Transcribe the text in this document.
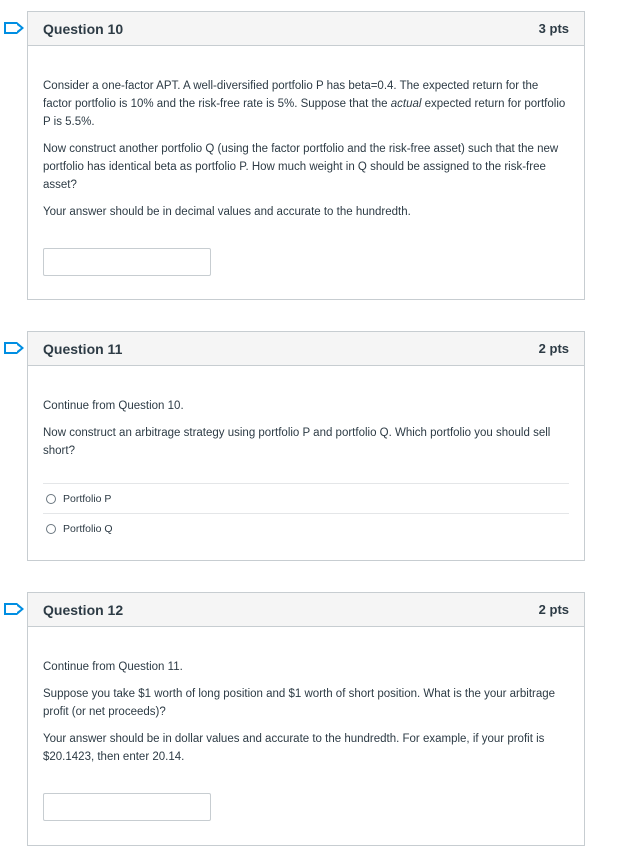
Question 10	3 pts

Consider a one-factor APT. A well-diversified portfolio P has beta=0.4. The expected return for the factor portfolio is 10% and the risk-free rate is 5%. Suppose that the actual expected return for portfolio P is 5.5%.

Now construct another portfolio Q (using the factor portfolio and the risk-free asset) such that the new portfolio has identical beta as portfolio P. How much weight in Q should be assigned to the risk-free asset?

Your answer should be in decimal values and accurate to the hundredth.

Question 11	2 pts

Continue from Question 10.

Now construct an arbitrage strategy using portfolio P and portfolio Q. Which portfolio you should sell short?

Portfolio P
Portfolio Q
Question 12	2 pts

Continue from Question 11.

Suppose you take $1 worth of long position and $1 worth of short position. What is the your arbitrage profit (or net proceeds)?

Your answer should be in dollar values and accurate to the hundredth. For example, if your profit is $20.1423, then enter 20.14.
